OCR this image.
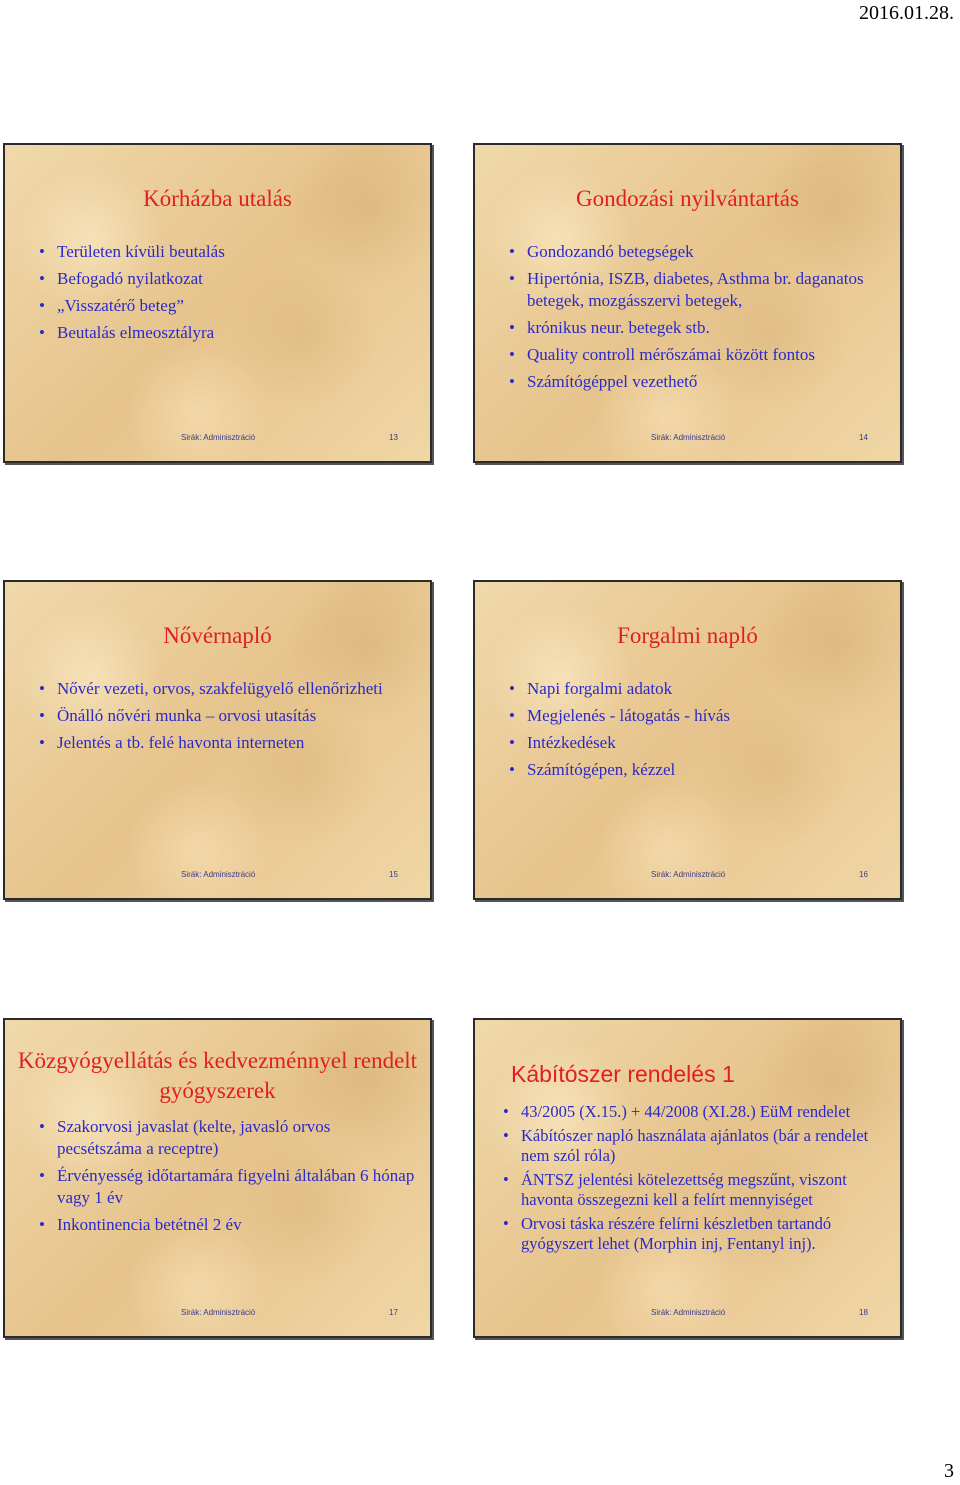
2016.01.28.
Kórházba utalás
• Területen kívüli beutalás
• Befogadó nyilatkozat
• „Visszatérő beteg”
• Beutalás elmeosztályra
Sirák: Adminisztráció	13
Gondozási nyilvántartás
• Gondozandó betegségek
• Hipertónia, ISZB, diabetes, Asthma br. daganatos betegek, mozgásszervi betegek,
• krónikus neur. betegek stb.
• Quality controll mérőszámai között fontos
• Számítógéppel vezethető
Sirák: Adminisztráció	14
Nővérnapló
• Nővér vezeti, orvos, szakfelügyelő ellenőrizheti
• Önálló nővéri munka – orvosi utasítás
• Jelentés a tb. felé havonta interneten
Sirák: Adminisztráció	15
Forgalmi napló
• Napi forgalmi adatok
• Megjelenés - látogatás - hívás
• Intézkedések
• Számítógépen, kézzel
Sirák: Adminisztráció	16
Közgyógyellátás és kedvezménnyel rendelt gyógyszerek
• Szakorvosi javaslat (kelte, javasló orvos pecsétszáma a receptre)
• Érvényesség időtartamára figyelni általában 6 hónap vagy 1 év
• Inkontinencia betétnél 2 év
Sirák: Adminisztráció	17
Kábítószer rendelés 1
• 43/2005 (X.15.) + 44/2008 (XI.28.) EüM rendelet
• Kábítószer napló használata ajánlatos (bár a rendelet nem szól róla)
• ÁNTSZ jelentési kötelezettség megszűnt, viszont havonta összegezni kell a felírt mennyiséget
• Orvosi táska részére felírni készletben tartandó gyógyszert lehet (Morphin inj, Fentanyl inj).
Sirák: Adminisztráció	18
3
